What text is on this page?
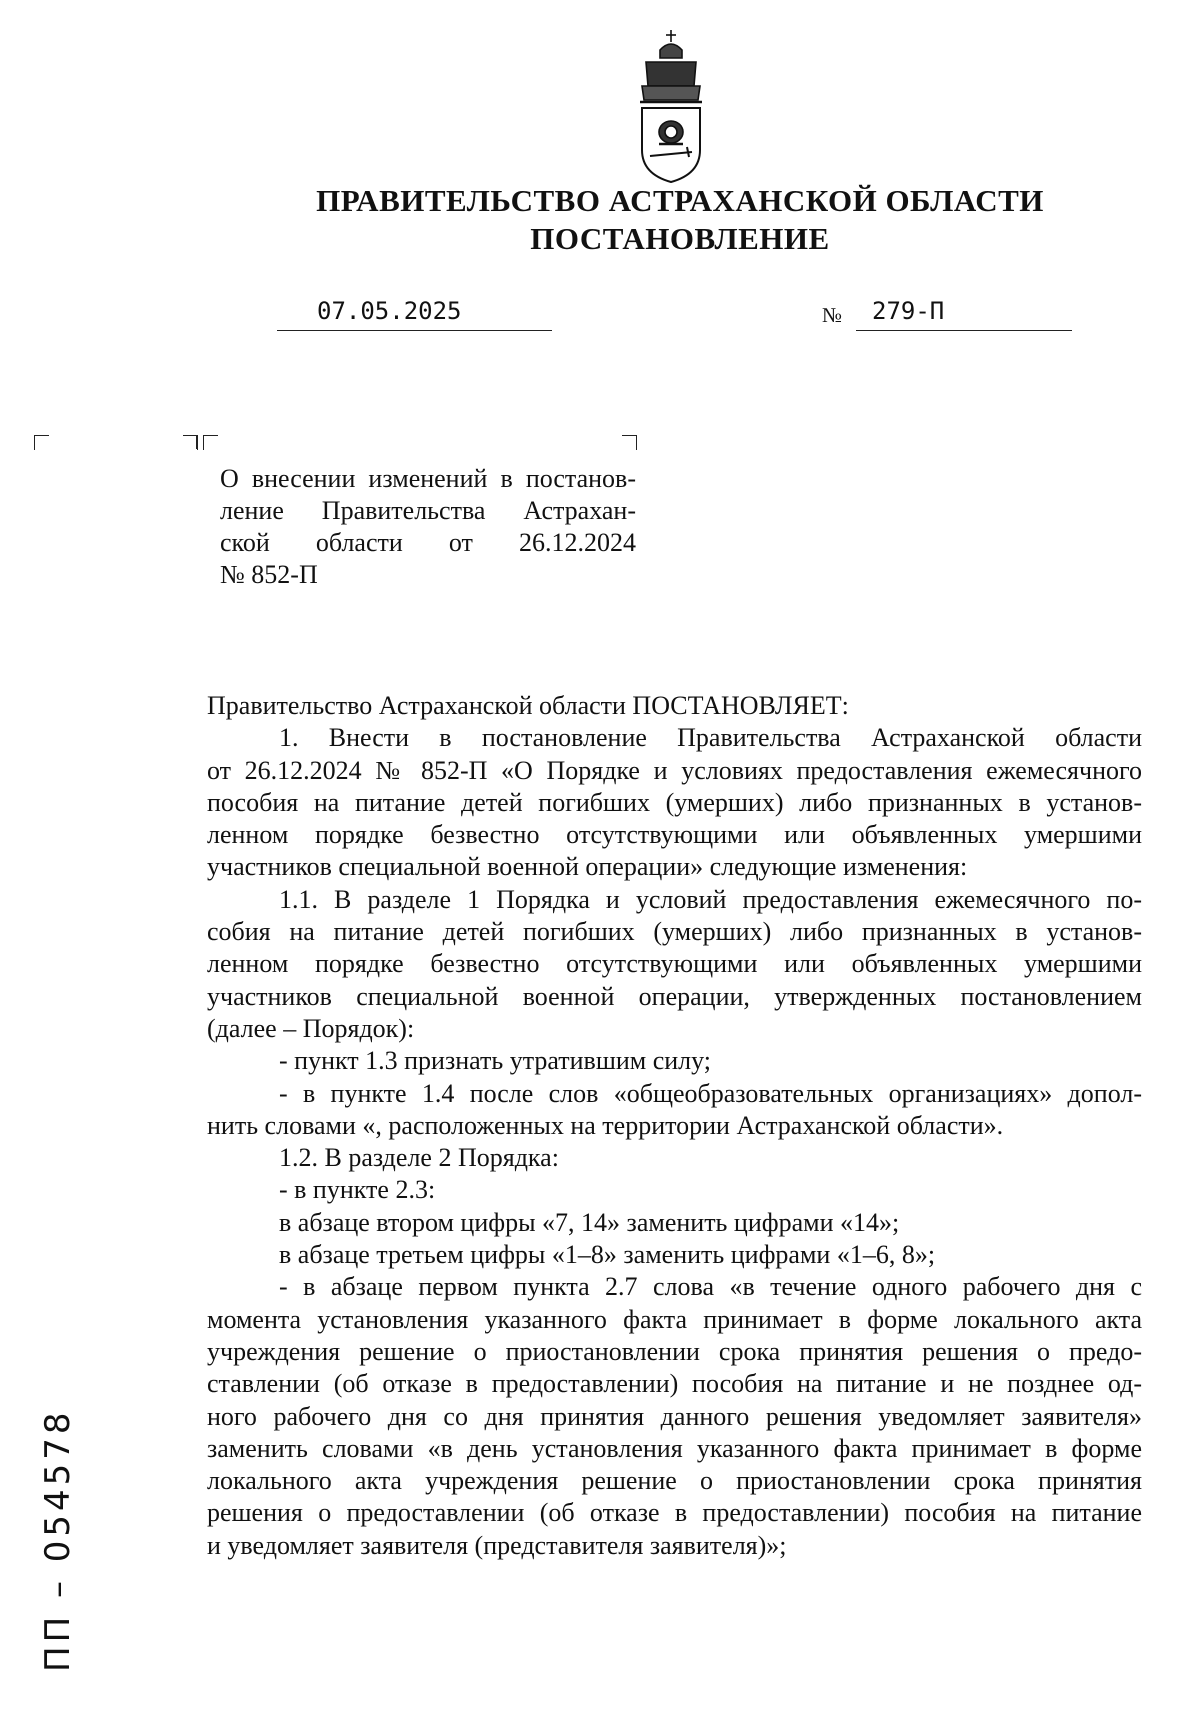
ПРАВИТЕЛЬСТВО АСТРАХАНСКОЙ ОБЛАСТИ
ПОСТАНОВЛЕНИЕ
07.05.2025	№	279-П
О внесении изменений в постанов-
ление Правительства Астрахан-
ской области от 26.12.2024
№ 852-П
Правительство Астраханской области ПОСТАНОВЛЯЕТ:
1. Внести в постановление Правительства Астраханской области
от 26.12.2024 № 852-П «О Порядке и условиях предоставления ежемесячного
пособия на питание детей погибших (умерших) либо признанных в установ-
ленном порядке безвестно отсутствующими или объявленных умершими
участников специальной военной операции» следующие изменения:
1.1. В разделе 1 Порядка и условий предоставления ежемесячного по-
собия на питание детей погибших (умерших) либо признанных в установ-
ленном порядке безвестно отсутствующими или объявленных умершими
участников специальной военной операции, утвержденных постановлением
(далее – Порядок):
- пункт 1.3 признать утратившим силу;
- в пункте 1.4 после слов «общеобразовательных организациях» допол-
нить словами «, расположенных на территории Астраханской области».
1.2. В разделе 2 Порядка:
- в пункте 2.3:
в абзаце втором цифры «7, 14» заменить цифрами «14»;
в абзаце третьем цифры «1–8» заменить цифрами «1–6, 8»;
- в абзаце первом пункта 2.7 слова «в течение одного рабочего дня с
момента установления указанного факта принимает в форме локального акта
учреждения решение о приостановлении срока принятия решения о предо-
ставлении (об отказе в предоставлении) пособия на питание и не позднее од-
ного рабочего дня со дня принятия данного решения уведомляет заявителя»
заменить словами «в день установления указанного факта принимает в форме
локального акта учреждения решение о приостановлении срока принятия
решения о предоставлении (об отказе в предоставлении) пособия на питание
и уведомляет заявителя (представителя заявителя)»;
ПП – 054578
